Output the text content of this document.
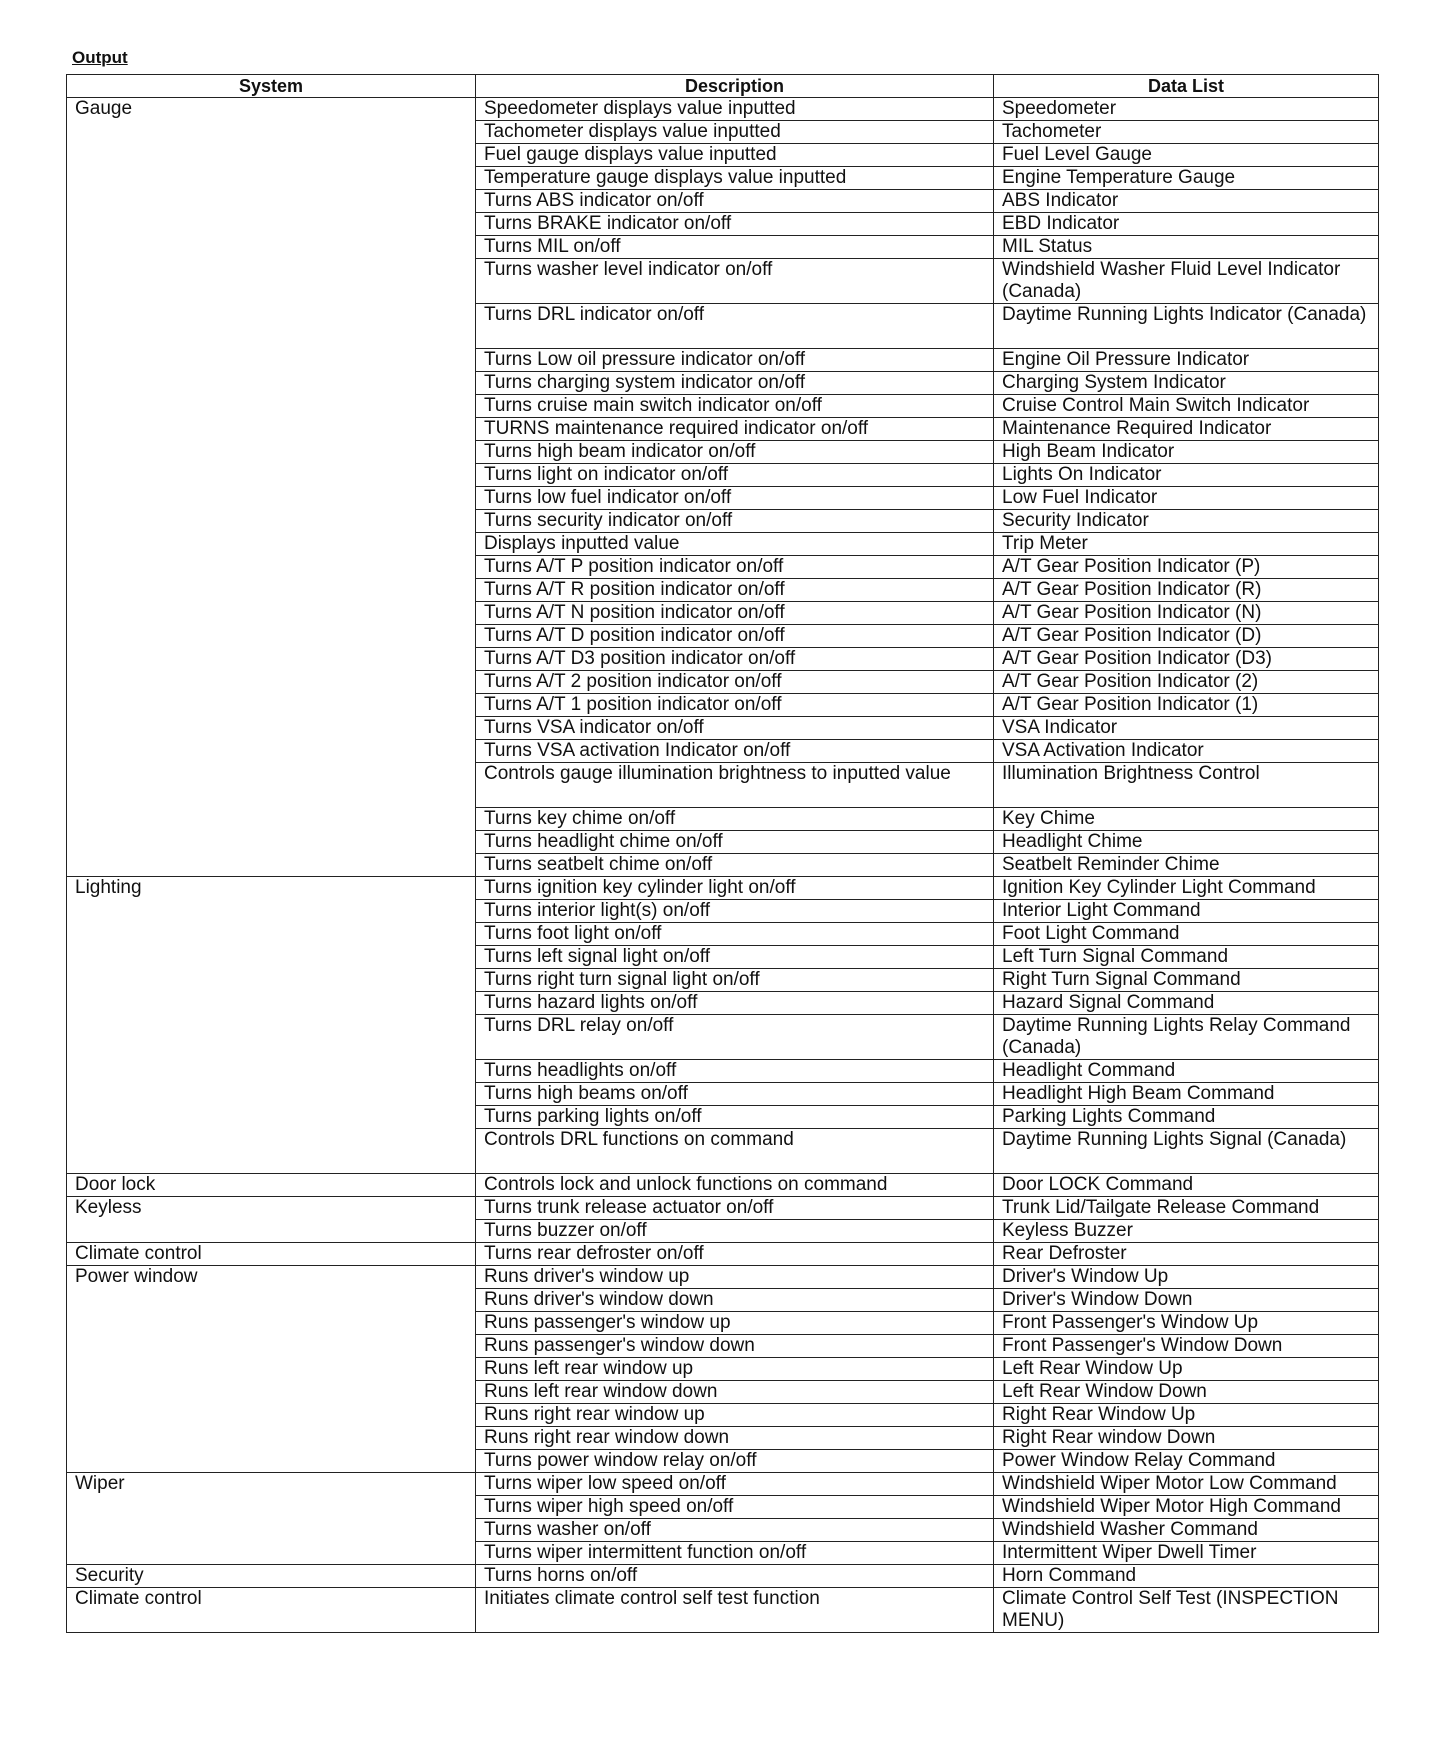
Output
System	Description	Data List
Gauge	Speedometer displays value inputted	Speedometer
	Tachometer displays value inputted	Tachometer
	Fuel gauge displays value inputted	Fuel Level Gauge
	Temperature gauge displays value inputted	Engine Temperature Gauge
	Turns ABS indicator on/off	ABS Indicator
	Turns BRAKE indicator on/off	EBD Indicator
	Turns MIL on/off	MIL Status
	Turns washer level indicator on/off	Windshield Washer Fluid Level Indicator (Canada)
	Turns DRL indicator on/off	Daytime Running Lights Indicator (Canada)
	Turns Low oil pressure indicator on/off	Engine Oil Pressure Indicator
	Turns charging system indicator on/off	Charging System Indicator
	Turns cruise main switch indicator on/off	Cruise Control Main Switch Indicator
	TURNS maintenance required indicator on/off	Maintenance Required Indicator
	Turns high beam indicator on/off	High Beam Indicator
	Turns light on indicator on/off	Lights On Indicator
	Turns low fuel indicator on/off	Low Fuel Indicator
	Turns security indicator on/off	Security Indicator
	Displays inputted value	Trip Meter
	Turns A/T P position indicator on/off	A/T Gear Position Indicator (P)
	Turns A/T R position indicator on/off	A/T Gear Position Indicator (R)
	Turns A/T N position indicator on/off	A/T Gear Position Indicator (N)
	Turns A/T D position indicator on/off	A/T Gear Position Indicator (D)
	Turns A/T D3 position indicator on/off	A/T Gear Position Indicator (D3)
	Turns A/T 2 position indicator on/off	A/T Gear Position Indicator (2)
	Turns A/T 1 position indicator on/off	A/T Gear Position Indicator (1)
	Turns VSA indicator on/off	VSA Indicator
	Turns VSA activation Indicator on/off	VSA Activation Indicator
	Controls gauge illumination brightness to inputted value	Illumination Brightness Control
	Turns key chime on/off	Key Chime
	Turns headlight chime on/off	Headlight Chime
	Turns seatbelt chime on/off	Seatbelt Reminder Chime
Lighting	Turns ignition key cylinder light on/off	Ignition Key Cylinder Light Command
	Turns interior light(s) on/off	Interior Light Command
	Turns foot light on/off	Foot Light Command
	Turns left signal light on/off	Left Turn Signal Command
	Turns right turn signal light on/off	Right Turn Signal Command
	Turns hazard lights on/off	Hazard Signal Command
	Turns DRL relay on/off	Daytime Running Lights Relay Command (Canada)
	Turns headlights on/off	Headlight Command
	Turns high beams on/off	Headlight High Beam Command
	Turns parking lights on/off	Parking Lights Command
	Controls DRL functions on command	Daytime Running Lights Signal (Canada)
Door lock	Controls lock and unlock functions on command	Door LOCK Command
Keyless	Turns trunk release actuator on/off	Trunk Lid/Tailgate Release Command
	Turns buzzer on/off	Keyless Buzzer
Climate control	Turns rear defroster on/off	Rear Defroster
Power window	Runs driver's window up	Driver's Window Up
	Runs driver's window down	Driver's Window Down
	Runs passenger's window up	Front Passenger's Window Up
	Runs passenger's window down	Front Passenger's Window Down
	Runs left rear window up	Left Rear Window Up
	Runs left rear window down	Left Rear Window Down
	Runs right rear window up	Right Rear Window Up
	Runs right rear window down	Right Rear window Down
	Turns power window relay on/off	Power Window Relay Command
Wiper	Turns wiper low speed on/off	Windshield Wiper Motor Low Command
	Turns wiper high speed on/off	Windshield Wiper Motor High Command
	Turns washer on/off	Windshield Washer Command
	Turns wiper intermittent function on/off	Intermittent Wiper Dwell Timer
Security	Turns horns on/off	Horn Command
Climate control	Initiates climate control self test function	Climate Control Self Test (INSPECTION MENU)
